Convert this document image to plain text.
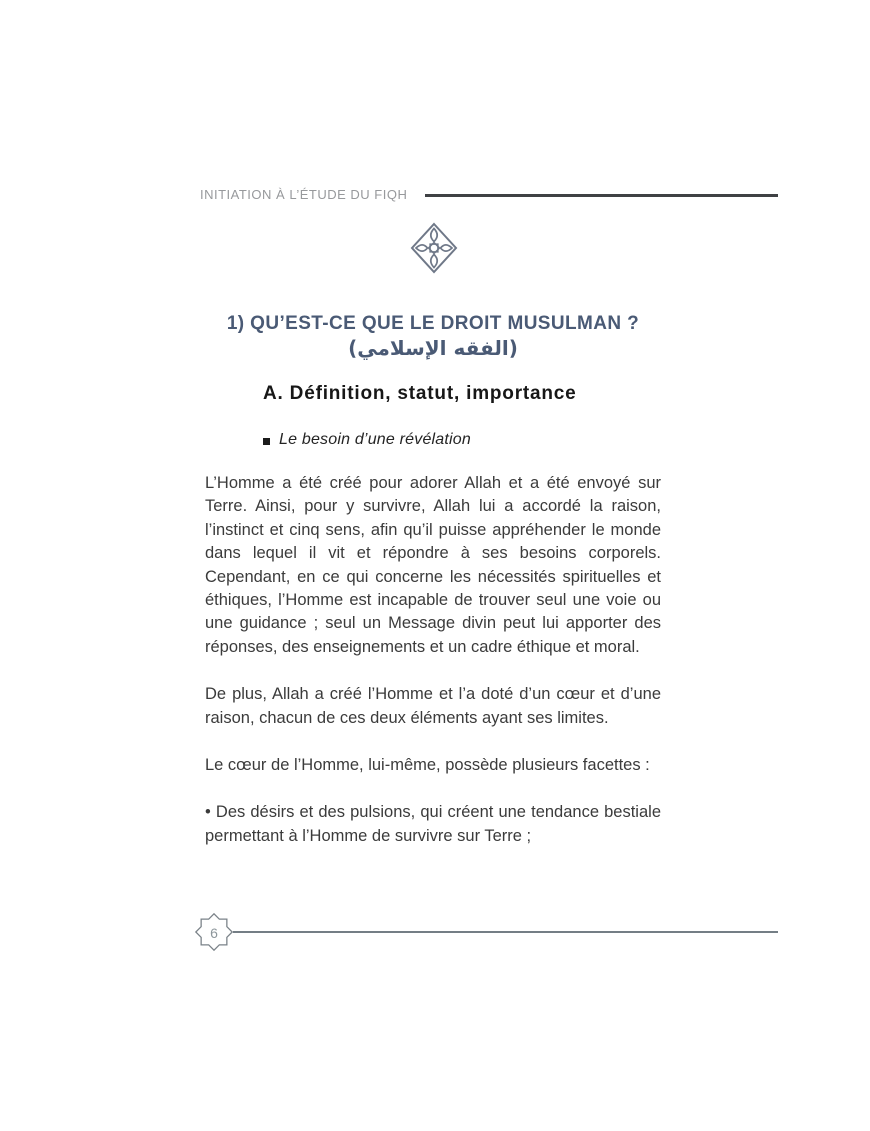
INITIATION À L’ÉTUDE DU FIQH
1) QU’EST-CE QUE LE DROIT MUSULMAN ?
(الفقه الإسلامي)
A. Définition, statut, importance
Le besoin d’une révélation

L’Homme a été créé pour adorer Allah et a été envoyé sur Terre. Ainsi, pour y survivre, Allah lui a accordé la raison, l’instinct et cinq sens, afin qu’il puisse appréhender le monde dans lequel il vit et répondre à ses besoins corporels. Cependant, en ce qui concerne les nécessités spirituelles et éthiques, l’Homme est incapable de trouver seul une voie ou une guidance ; seul un Message divin peut lui apporter des réponses, des enseignements et un cadre éthique et moral.

De plus, Allah a créé l’Homme et l’a doté d’un cœur et d’une raison, chacun de ces deux éléments ayant ses limites.

Le cœur de l’Homme, lui-même, possède plusieurs facettes :

• Des désirs et des pulsions, qui créent une tendance bestiale permettant à l’Homme de survivre sur Terre ;

6
